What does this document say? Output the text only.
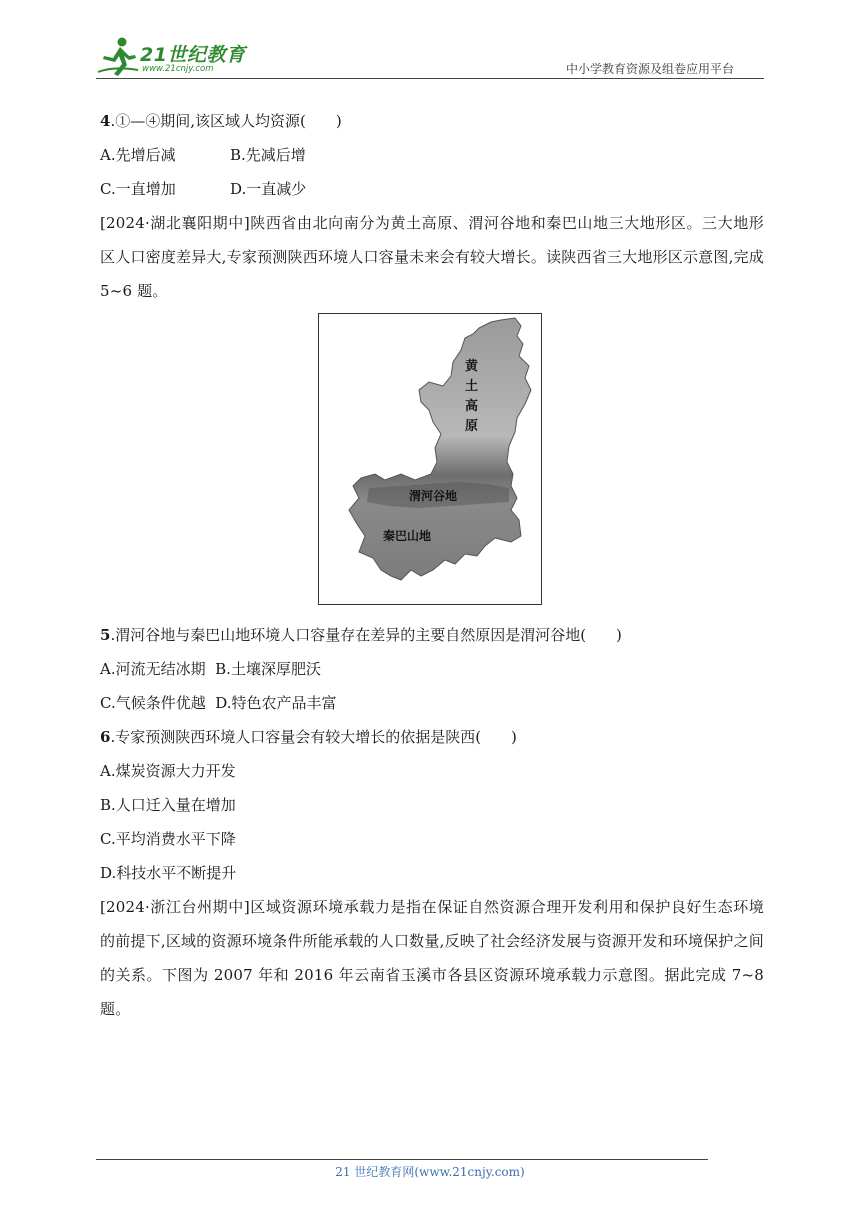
21世纪教育
www.21cnjy.com	中小学教育资源及组卷应用平台
4.①—④期间,该区域人均资源(　　)
A.先增后减	B.先减后增
C.一直增加	D.一直减少
[2024·湖北襄阳期中]陕西省由北向南分为黄土高原、渭河谷地和秦巴山地三大地形区。三大地形区人口密度差异大,专家预测陕西环境人口容量未来会有较大增长。读陕西省三大地形区示意图,完成 5~6 题。
黄
土
高
原
渭河谷地
秦巴山地
5.渭河谷地与秦巴山地环境人口容量存在差异的主要自然原因是渭河谷地(　　)
A.河流无结冰期 B.土壤深厚肥沃
C.气候条件优越 D.特色农产品丰富
6.专家预测陕西环境人口容量会有较大增长的依据是陕西(　　)
A.煤炭资源大力开发
B.人口迁入量在增加
C.平均消费水平下降
D.科技水平不断提升
[2024·浙江台州期中]区域资源环境承载力是指在保证自然资源合理开发利用和保护良好生态环境的前提下,区域的资源环境条件所能承载的人口数量,反映了社会经济发展与资源开发和环境保护之间的关系。下图为 2007 年和 2016 年云南省玉溪市各县区资源环境承载力示意图。据此完成 7~8 题。
21 世纪教育网(www.21cnjy.com)
